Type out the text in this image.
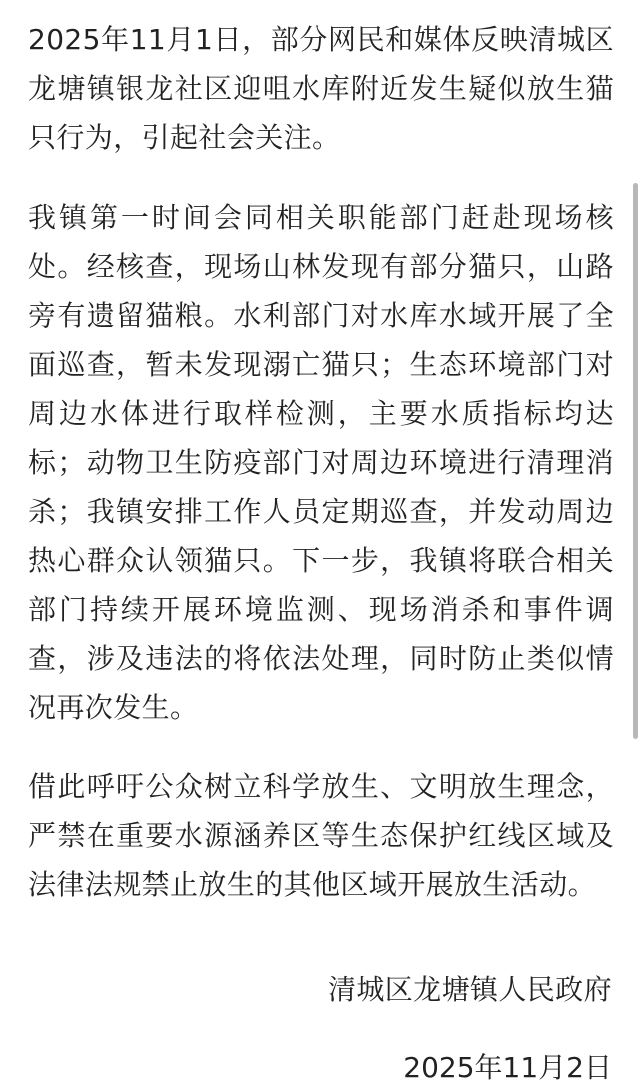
2025年11月1日，部分网民和媒体反映清城区龙塘镇银龙社区迎咀水库附近发生疑似放生猫只行为，引起社会关注。

我镇第一时间会同相关职能部门赶赴现场核处。经核查，现场山林发现有部分猫只，山路旁有遗留猫粮。水利部门对水库水域开展了全面巡查，暂未发现溺亡猫只；生态环境部门对周边水体进行取样检测，主要水质指标均达标；动物卫生防疫部门对周边环境进行清理消杀；我镇安排工作人员定期巡查，并发动周边热心群众认领猫只。下一步，我镇将联合相关部门持续开展环境监测、现场消杀和事件调查，涉及违法的将依法处理，同时防止类似情况再次发生。

借此呼吁公众树立科学放生、文明放生理念，严禁在重要水源涵养区等生态保护红线区域及法律法规禁止放生的其他区域开展放生活动。

清城区龙塘镇人民政府
2025年11月2日
